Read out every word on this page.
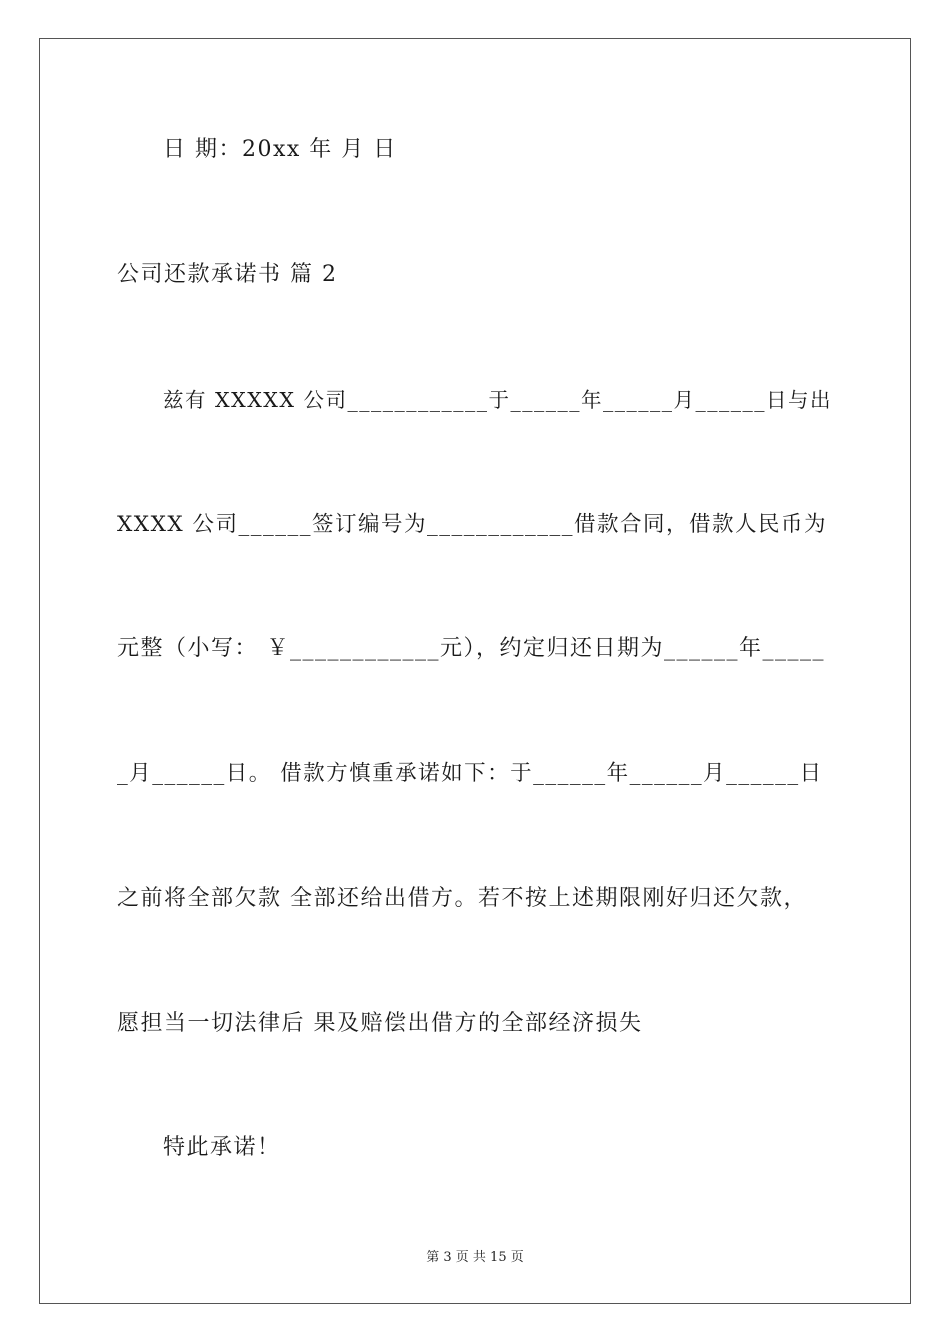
日 期：20xx 年 月 日
公司还款承诺书 篇 2
兹有 XXXXX 公司____________于______年______月______日与出
XXXX 公司______签订编号为____________借款合同，借款人民币为
元整（小写： ￥____________元），约定归还日期为______年_____
_月______日。 借款方慎重承诺如下：于______年______月______日
之前将全部欠款 全部还给出借方。若不按上述期限刚好归还欠款，
愿担当一切法律后 果及赔偿出借方的全部经济损失
特此承诺！
第 3 页 共 15 页
